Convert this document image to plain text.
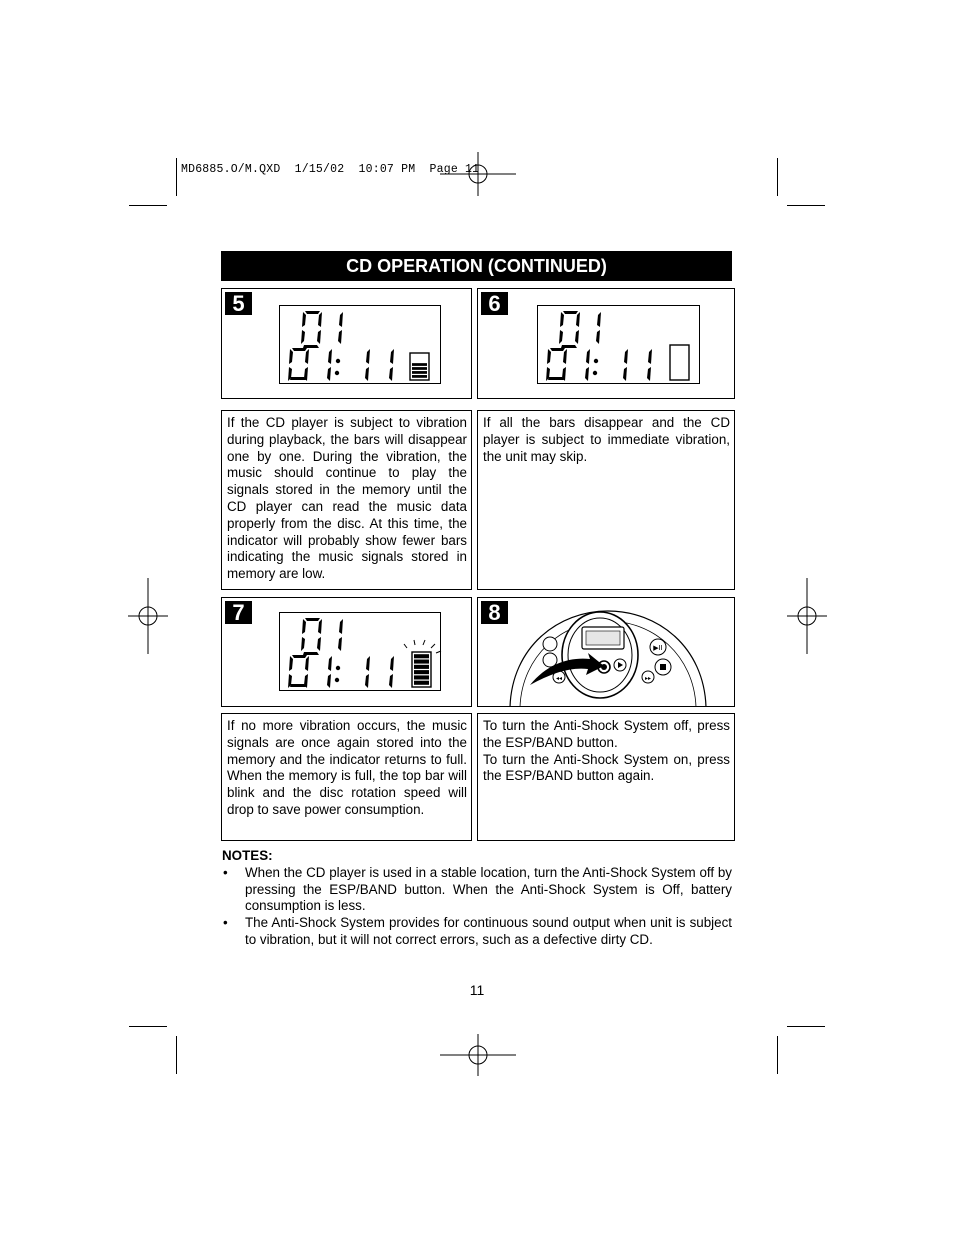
MD6885.O/M.QXD  1/15/02  10:07 PM  Page 11
CD OPERATION (CONTINUED)
5	6
If the CD player is subject to vibration during playback, the bars will disappear one by one. During the vibration, the music should continue to play the signals stored in the memory until the CD player can read the music data properly from the disc. At this time, the indicator will probably show fewer bars indicating the music signals stored in memory are low.
If all the bars disappear and the CD player is subject to immediate vibration, the unit may skip.
7	8
▶II
▸▸
◂◂
If no more vibration occurs, the music signals are once again stored into the memory and the indicator returns to full. When the memory is full, the top bar will blink and the disc rotation speed will drop to save power consumption.
To turn the Anti-Shock System off, press the ESP/BAND button.
To turn the Anti-Shock System on, press the ESP/BAND button again.
NOTES:
• When the CD player is used in a stable location, turn the Anti-Shock System off by pressing the ESP/BAND button. When the Anti-Shock System is Off, battery consumption is less.
• The Anti-Shock System provides for continuous sound output when unit is subject to vibration, but it will not correct errors, such as a defective dirty CD.
11
